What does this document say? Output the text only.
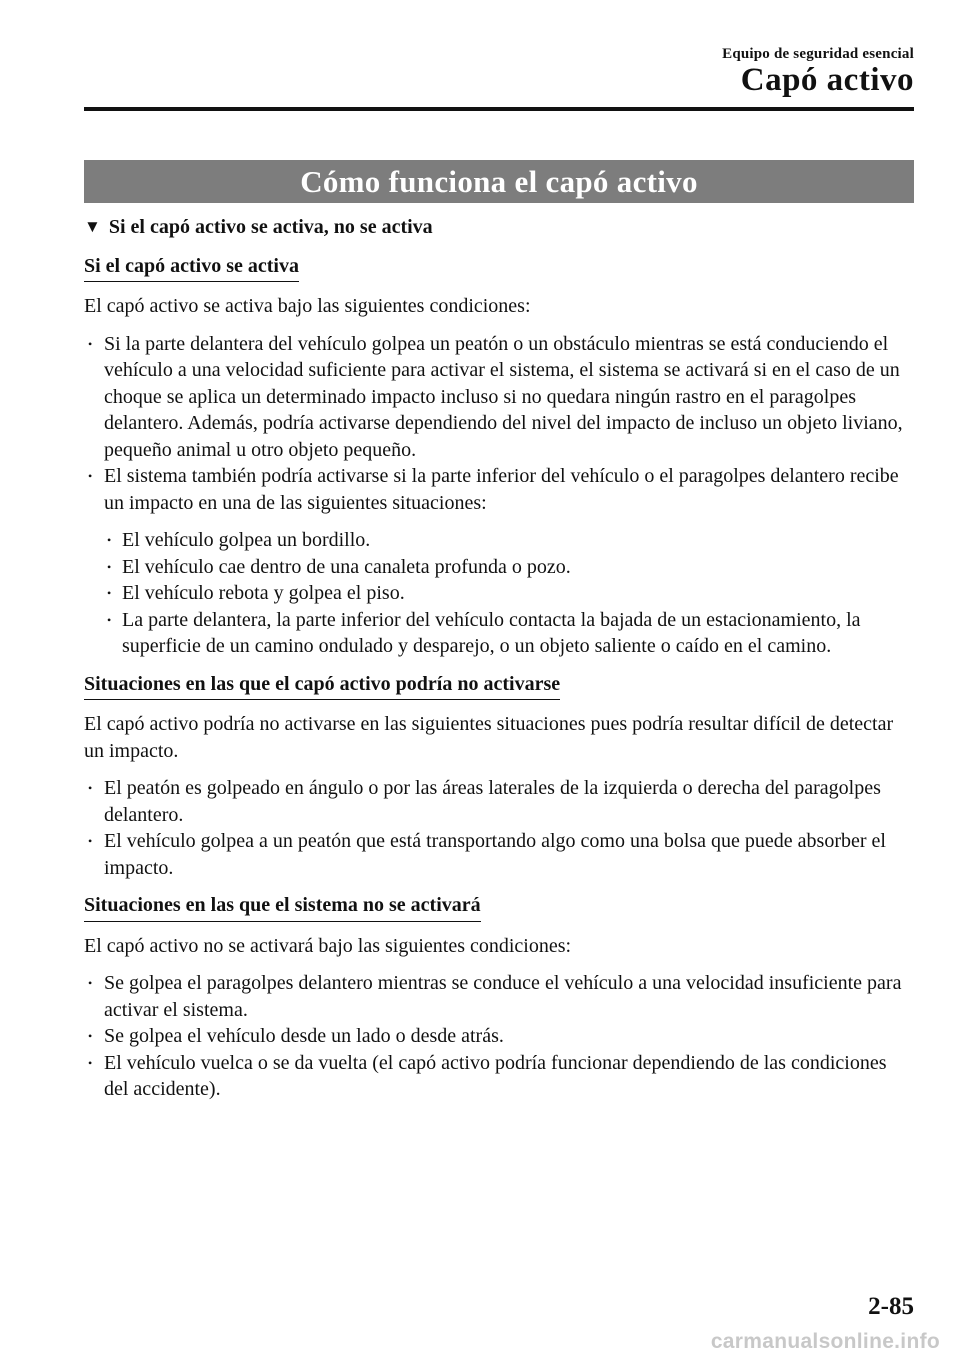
Equipo de seguridad esencial
Capó activo
Cómo funciona el capó activo
▼ Si el capó activo se activa, no se activa
Si el capó activo se activa

El capó activo se activa bajo las siguientes condiciones:

• Si la parte delantera del vehículo golpea un peatón o un obstáculo mientras se está conduciendo el vehículo a una velocidad suficiente para activar el sistema, el sistema se activará si en el caso de un choque se aplica un determinado impacto incluso si no quedara ningún rastro en el paragolpes delantero. Además, podría activarse dependiendo del nivel del impacto de incluso un objeto liviano, pequeño animal u otro objeto pequeño.
• El sistema también podría activarse si la parte inferior del vehículo o el paragolpes delantero recibe un impacto en una de las siguientes situaciones:
• El vehículo golpea un bordillo.
• El vehículo cae dentro de una canaleta profunda o pozo.
• El vehículo rebota y golpea el piso.
• La parte delantera, la parte inferior del vehículo contacta la bajada de un estacionamiento, la superficie de un camino ondulado y desparejo, o un objeto saliente o caído en el camino.
Situaciones en las que el capó activo podría no activarse

El capó activo podría no activarse en las siguientes situaciones pues podría resultar difícil de detectar un impacto.

• El peatón es golpeado en ángulo o por las áreas laterales de la izquierda o derecha del paragolpes delantero.
• El vehículo golpea a un peatón que está transportando algo como una bolsa que puede absorber el impacto.
Situaciones en las que el sistema no se activará

El capó activo no se activará bajo las siguientes condiciones:

• Se golpea el paragolpes delantero mientras se conduce el vehículo a una velocidad insuficiente para activar el sistema.
• Se golpea el vehículo desde un lado o desde atrás.
• El vehículo vuelca o se da vuelta (el capó activo podría funcionar dependiendo de las condiciones del accidente).
2-85
carmanualsonline.info
